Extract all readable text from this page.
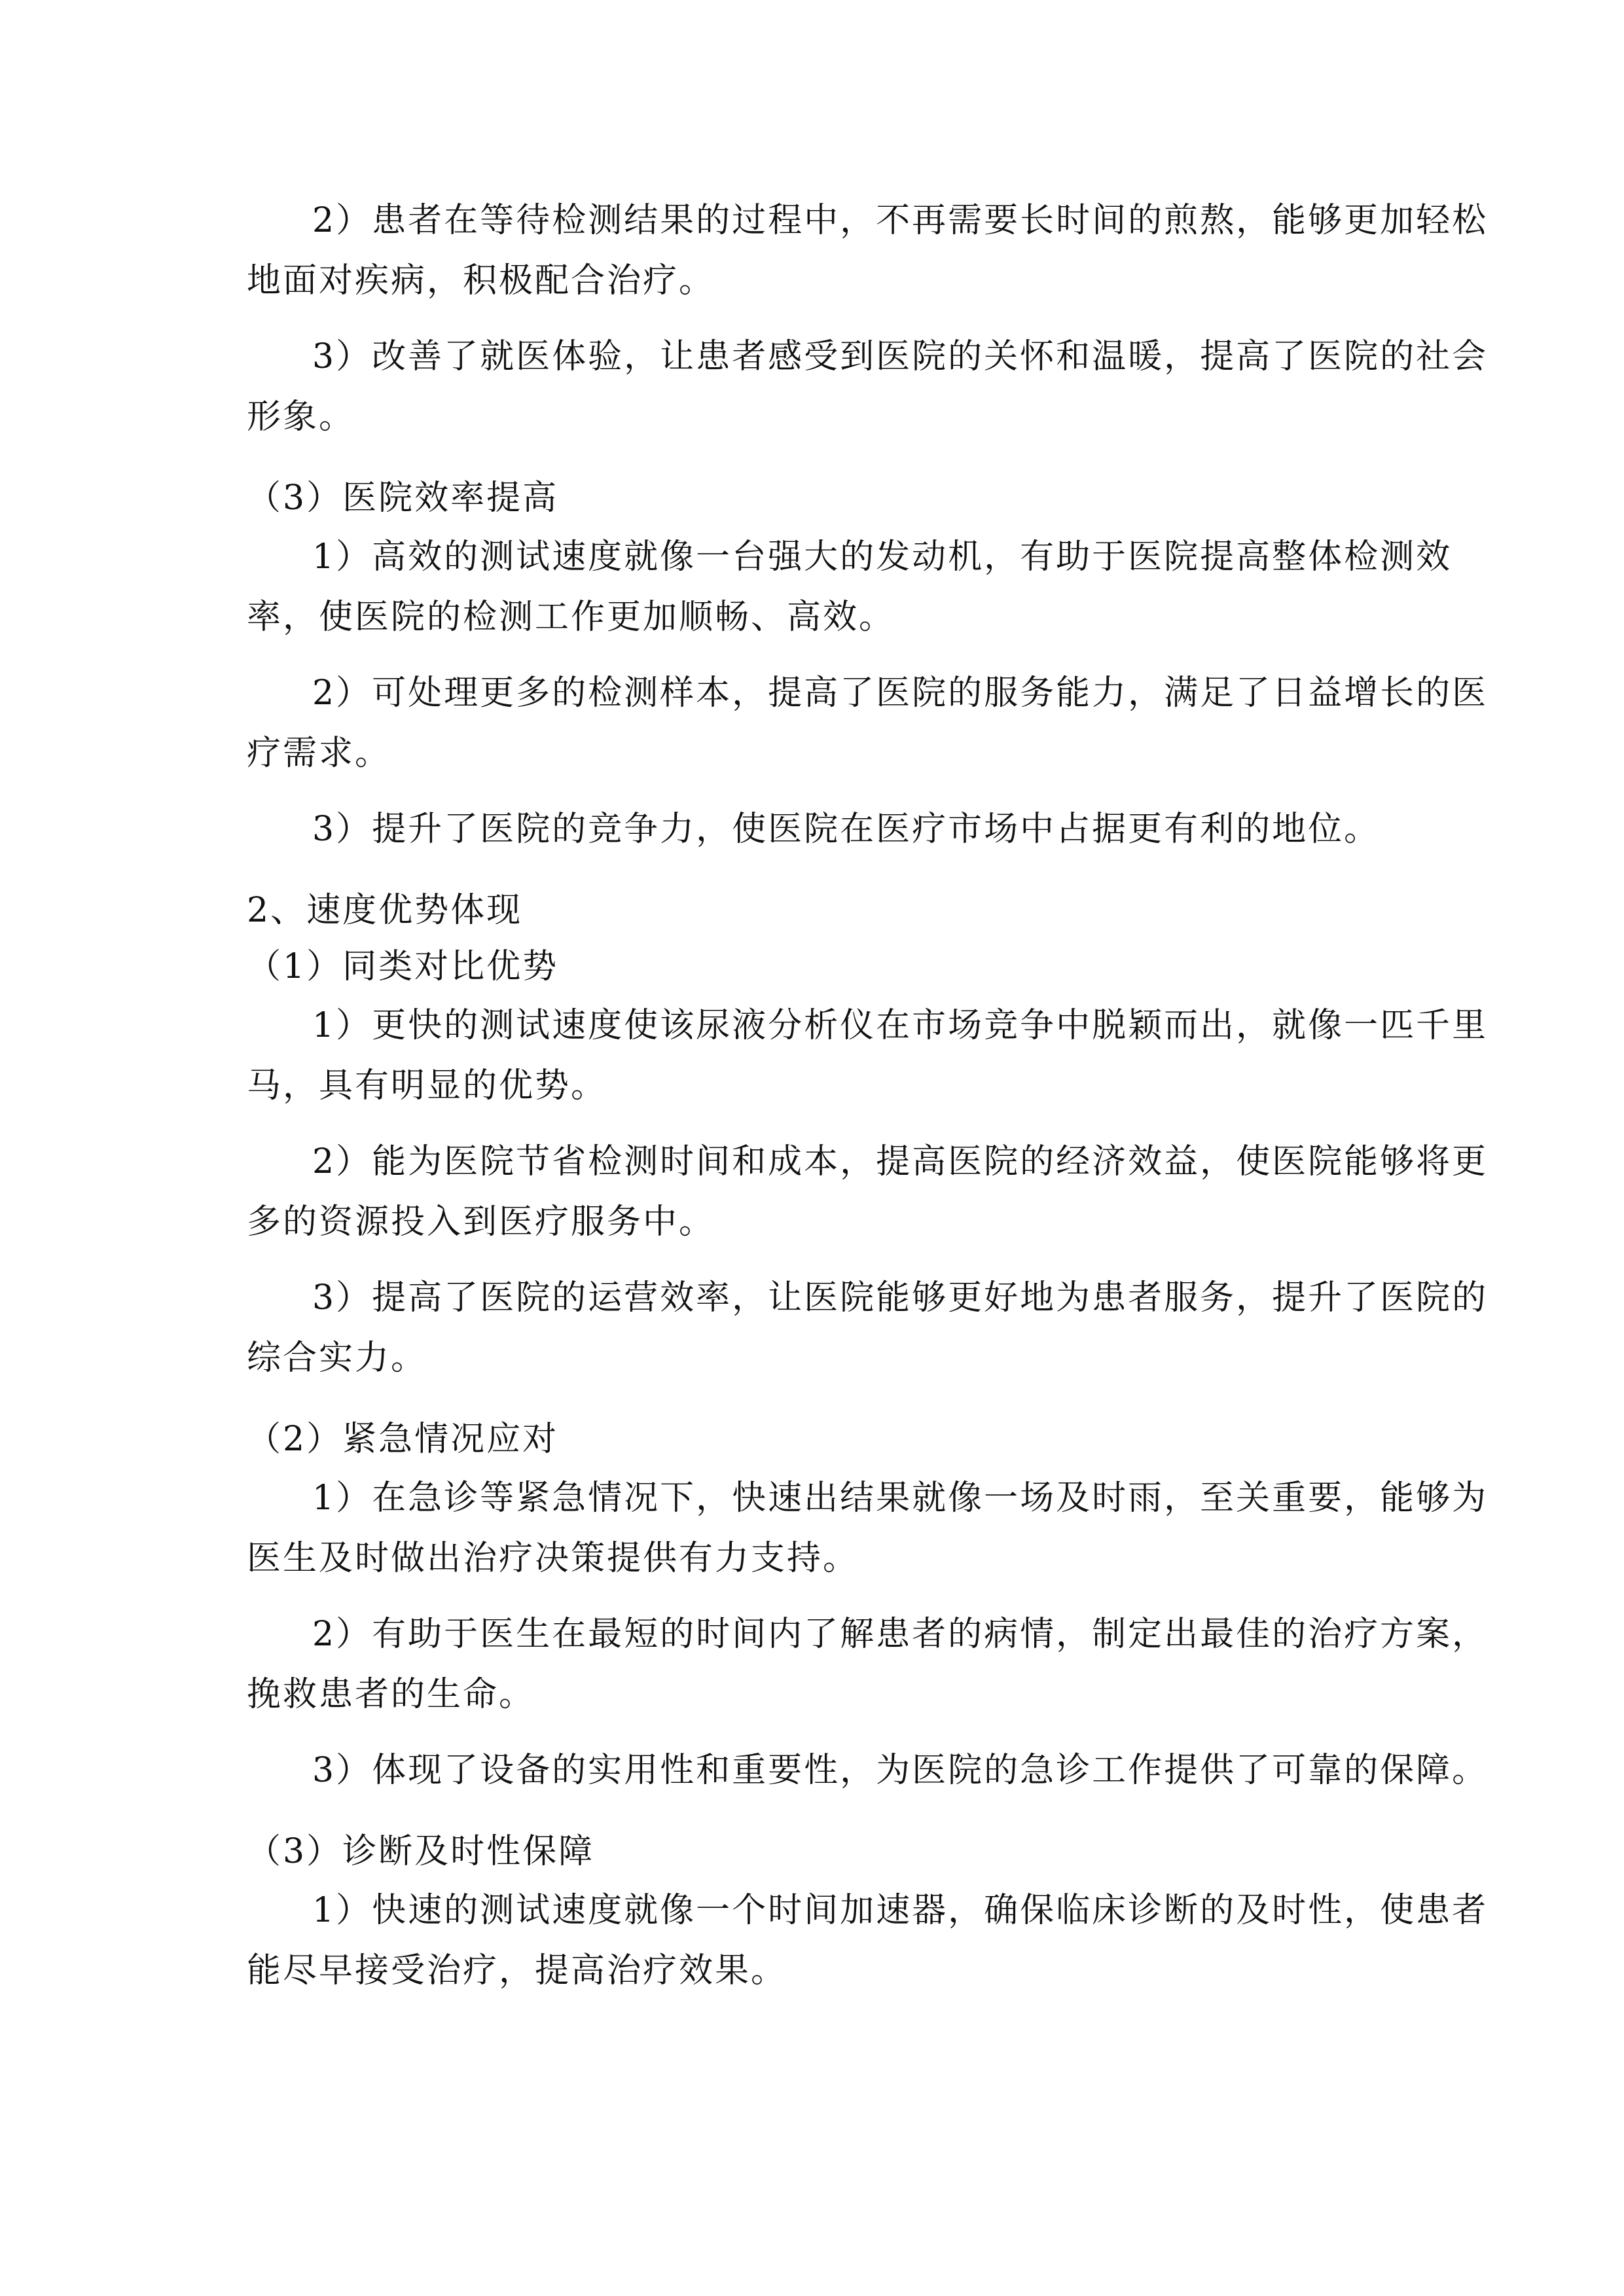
2）患者在等待检测结果的过程中，不再需要长时间的煎熬，能够更加轻松
地面对疾病，积极配合治疗。
3）改善了就医体验，让患者感受到医院的关怀和温暖，提高了医院的社会
形象。
（3）医院效率提高
1）高效的测试速度就像一台强大的发动机，有助于医院提高整体检测效
率，使医院的检测工作更加顺畅、高效。
2）可处理更多的检测样本，提高了医院的服务能力，满足了日益增长的医
疗需求。
3）提升了医院的竞争力，使医院在医疗市场中占据更有利的地位。
2、速度优势体现
（1）同类对比优势
1）更快的测试速度使该尿液分析仪在市场竞争中脱颖而出，就像一匹千里
马，具有明显的优势。
2）能为医院节省检测时间和成本，提高医院的经济效益，使医院能够将更
多的资源投入到医疗服务中。
3）提高了医院的运营效率，让医院能够更好地为患者服务，提升了医院的
综合实力。
（2）紧急情况应对
1）在急诊等紧急情况下，快速出结果就像一场及时雨，至关重要，能够为
医生及时做出治疗决策提供有力支持。
2）有助于医生在最短的时间内了解患者的病情，制定出最佳的治疗方案，
挽救患者的生命。
3）体现了设备的实用性和重要性，为医院的急诊工作提供了可靠的保障。
（3）诊断及时性保障
1）快速的测试速度就像一个时间加速器，确保临床诊断的及时性，使患者
能尽早接受治疗，提高治疗效果。
